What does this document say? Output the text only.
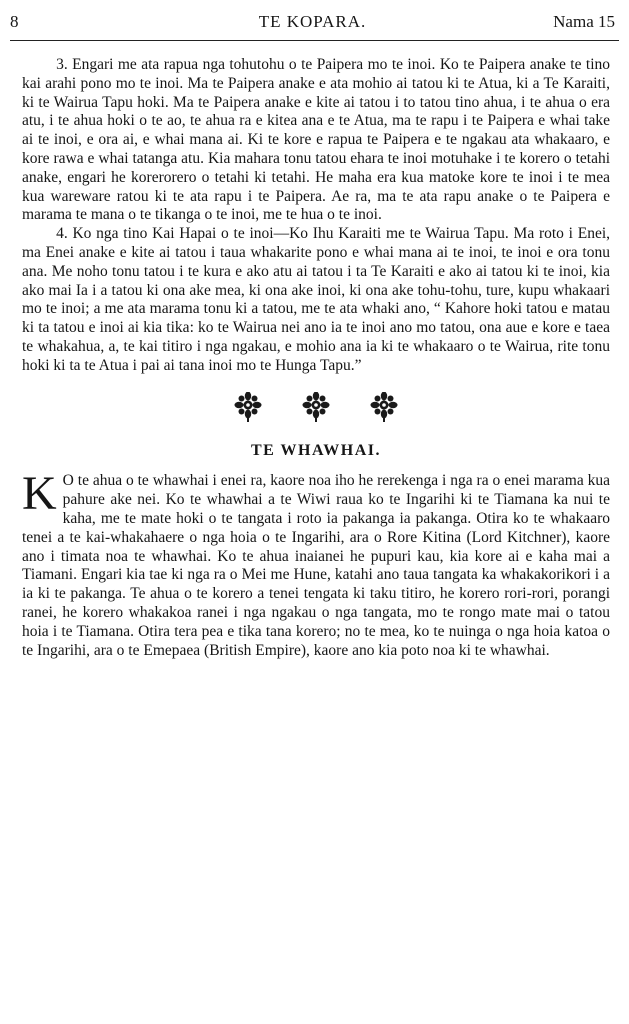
8	TE KOPARA.	Nama 15

3. Engari me ata rapua nga tohutohu o te Paipera mo te inoi. Ko te Paipera anake te tino kai arahi pono mo te inoi. Ma te Paipera anake e ata mohio ai tatou ki te Atua, ki a Te Karaiti, ki te Wairua Tapu hoki. Ma te Paipera anake e kite ai tatou i to tatou tino ahua, i te ahua o era atu, i te ahua hoki o te ao, te ahua ra e kitea ana e te Atua, ma te rapu i te Paipera e whai take ai te inoi, e ora ai, e whai mana ai. Ki te kore e rapua te Paipera e te ngakau ata whakaaro, e kore rawa e whai tatanga atu. Kia mahara tonu tatou ehara te inoi motuhake i te korero o tetahi anake, engari he korerorero o tetahi ki tetahi. He maha era kua matoke kore te inoi i te mea kua wareware ratou ki te ata rapu i te Paipera. Ae ra, ma te ata rapu anake o te Paipera e marama te mana o te tikanga o te inoi, me te hua o te inoi.

4. Ko nga tino Kai Hapai o te inoi—Ko Ihu Karaiti me te Wairua Tapu. Ma roto i Enei, ma Enei anake e kite ai tatou i taua whakarite pono e whai mana ai te inoi, te inoi e ora tonu ana. Me noho tonu tatou i te kura e ako atu ai tatou i ta Te Karaiti e ako ai tatou ki te inoi, kia ako mai Ia i a tatou ki ona ake mea, ki ona ake inoi, ki ona ake tohu-tohu, ture, kupu whakaari mo te inoi; a me ata marama tonu ki a tatou, me te ata whaki ano, “ Kahore hoki tatou e matau ki ta tatou e inoi ai kia tika: ko te Wairua nei ano ia te inoi ano mo tatou, ona aue e kore e taea te whakahua, a, te kai titiro i nga ngakau, e mohio ana ia ki te whakaaro o te Wairua, rite tonu hoki ki ta te Atua i pai ai tana inoi mo te Hunga Tapu.”

TE WHAWHAI.

K O te ahua o te whawhai i enei ra, kaore noa iho he rerekenga i nga ra o enei marama kua pahure ake nei. Ko te whawhai a te Wiwi raua ko te Ingarihi ki te Tiamana ka nui te kaha, me te mate hoki o te tangata i roto ia pakanga ia pakanga. Otira ko te whakaaro tenei a te kai-whakahaere o nga hoia o te Ingarihi, ara o Rore Kitina (Lord Kitchner), kaore ano i timata noa te whawhai. Ko te ahua inaianei he pupuri kau, kia kore ai e kaha mai a Tiamani. Engari kia tae ki nga ra o Mei me Hune, katahi ano taua tangata ka whakakorikori i a ia ki te pakanga. Te ahua o te korero a tenei tengata ki taku titiro, he korero rori-rori, porangi ranei, he korero whakakoa ranei i nga ngakau o nga tangata, mo te rongo mate mai o tatou hoia i te Tiamana. Otira tera pea e tika tana korero; no te mea, ko te nuinga o nga hoia katoa o te Ingarihi, ara o te Emepaea (British Empire), kaore ano kia poto noa ki te whawhai.
